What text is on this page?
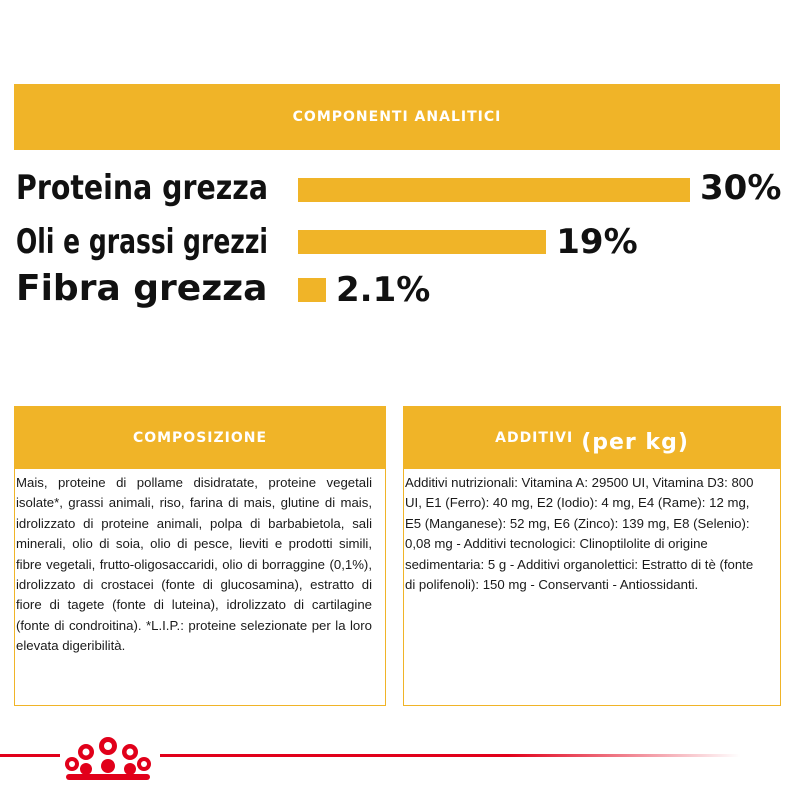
COMPONENTI ANALITICI
Proteina grezza	30%
Oli e grassi grezzi	19%
Fibra grezza 2.1%
COMPOSIZIONE
Mais, proteine di pollame disidratate, proteine vegetali isolate*, grassi animali, riso, farina di mais, glutine di mais, idrolizzato di proteine animali, polpa di barbabietola, sali minerali, olio di soia, olio di pesce, lieviti e prodotti simili, fibre vegetali, frutto-oligosaccaridi, olio di borraggine (0,1%), idrolizzato di crostacei (fonte di glucosamina), estratto di fiore di tagete (fonte di luteina), idrolizzato di cartilagine (fonte di condroitina). *L.I.P.: proteine selezionate per la loro elevata digeribilità.
ADDITIVI (per kg)
Additivi nutrizionali: Vitamina A: 29500 UI, Vitamina D3: 800 UI, E1 (Ferro): 40 mg, E2 (Iodio): 4 mg, E4 (Rame): 12 mg, E5 (Manganese): 52 mg, E6 (Zinco): 139 mg, E8 (Selenio): 0,08 mg - Additivi tecnologici: Clinoptilolite di origine sedimentaria: 5 g - Additivi organolettici: Estratto di tè (fonte di polifenoli): 150 mg - Conservanti - Antiossidanti.
